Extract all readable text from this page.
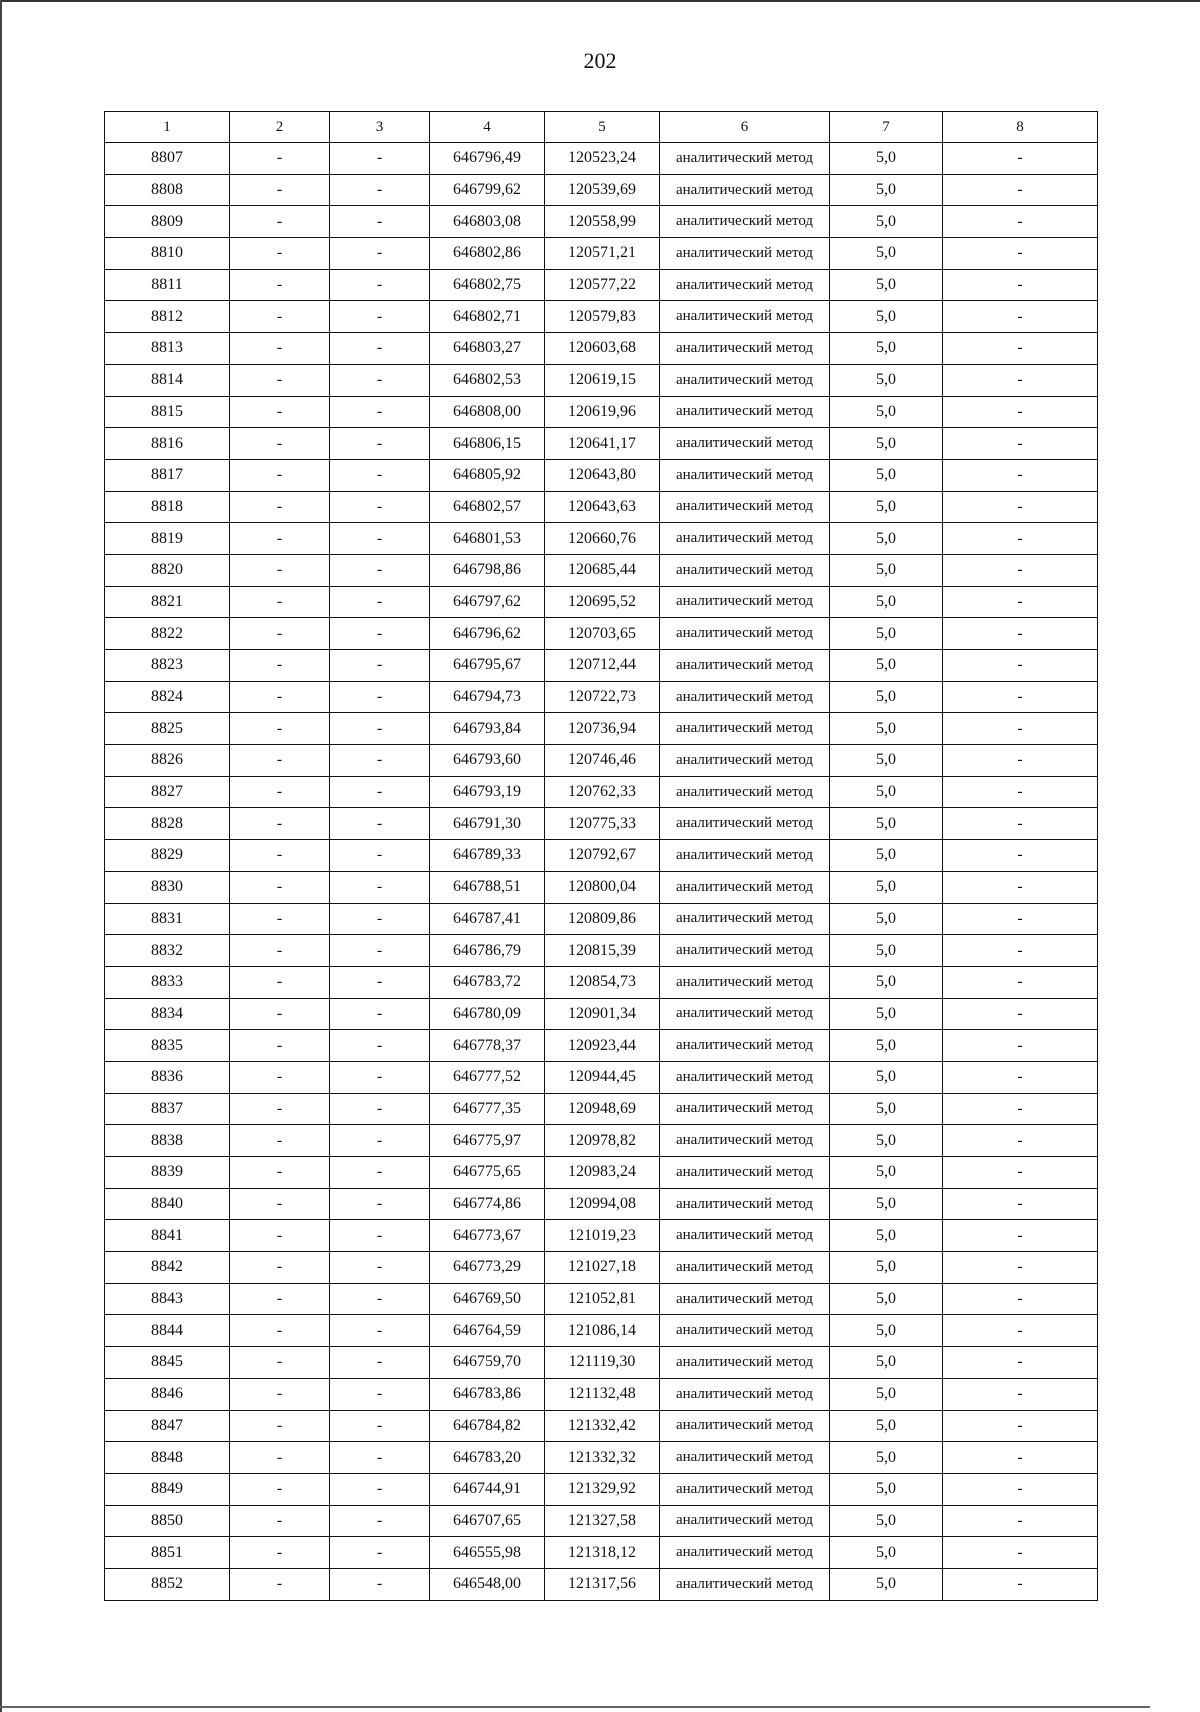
202
1	2	3	4	5	6	7	8
8807	-	-	646796,49	120523,24	аналитический метод	5,0	-
8808	-	-	646799,62	120539,69	аналитический метод	5,0	-
8809	-	-	646803,08	120558,99	аналитический метод	5,0	-
8810	-	-	646802,86	120571,21	аналитический метод	5,0	-
8811	-	-	646802,75	120577,22	аналитический метод	5,0	-
8812	-	-	646802,71	120579,83	аналитический метод	5,0	-
8813	-	-	646803,27	120603,68	аналитический метод	5,0	-
8814	-	-	646802,53	120619,15	аналитический метод	5,0	-
8815	-	-	646808,00	120619,96	аналитический метод	5,0	-
8816	-	-	646806,15	120641,17	аналитический метод	5,0	-
8817	-	-	646805,92	120643,80	аналитический метод	5,0	-
8818	-	-	646802,57	120643,63	аналитический метод	5,0	-
8819	-	-	646801,53	120660,76	аналитический метод	5,0	-
8820	-	-	646798,86	120685,44	аналитический метод	5,0	-
8821	-	-	646797,62	120695,52	аналитический метод	5,0	-
8822	-	-	646796,62	120703,65	аналитический метод	5,0	-
8823	-	-	646795,67	120712,44	аналитический метод	5,0	-
8824	-	-	646794,73	120722,73	аналитический метод	5,0	-
8825	-	-	646793,84	120736,94	аналитический метод	5,0	-
8826	-	-	646793,60	120746,46	аналитический метод	5,0	-
8827	-	-	646793,19	120762,33	аналитический метод	5,0	-
8828	-	-	646791,30	120775,33	аналитический метод	5,0	-
8829	-	-	646789,33	120792,67	аналитический метод	5,0	-
8830	-	-	646788,51	120800,04	аналитический метод	5,0	-
8831	-	-	646787,41	120809,86	аналитический метод	5,0	-
8832	-	-	646786,79	120815,39	аналитический метод	5,0	-
8833	-	-	646783,72	120854,73	аналитический метод	5,0	-
8834	-	-	646780,09	120901,34	аналитический метод	5,0	-
8835	-	-	646778,37	120923,44	аналитический метод	5,0	-
8836	-	-	646777,52	120944,45	аналитический метод	5,0	-
8837	-	-	646777,35	120948,69	аналитический метод	5,0	-
8838	-	-	646775,97	120978,82	аналитический метод	5,0	-
8839	-	-	646775,65	120983,24	аналитический метод	5,0	-
8840	-	-	646774,86	120994,08	аналитический метод	5,0	-
8841	-	-	646773,67	121019,23	аналитический метод	5,0	-
8842	-	-	646773,29	121027,18	аналитический метод	5,0	-
8843	-	-	646769,50	121052,81	аналитический метод	5,0	-
8844	-	-	646764,59	121086,14	аналитический метод	5,0	-
8845	-	-	646759,70	121119,30	аналитический метод	5,0	-
8846	-	-	646783,86	121132,48	аналитический метод	5,0	-
8847	-	-	646784,82	121332,42	аналитический метод	5,0	-
8848	-	-	646783,20	121332,32	аналитический метод	5,0	-
8849	-	-	646744,91	121329,92	аналитический метод	5,0	-
8850	-	-	646707,65	121327,58	аналитический метод	5,0	-
8851	-	-	646555,98	121318,12	аналитический метод	5,0	-
8852	-	-	646548,00	121317,56	аналитический метод	5,0	-
